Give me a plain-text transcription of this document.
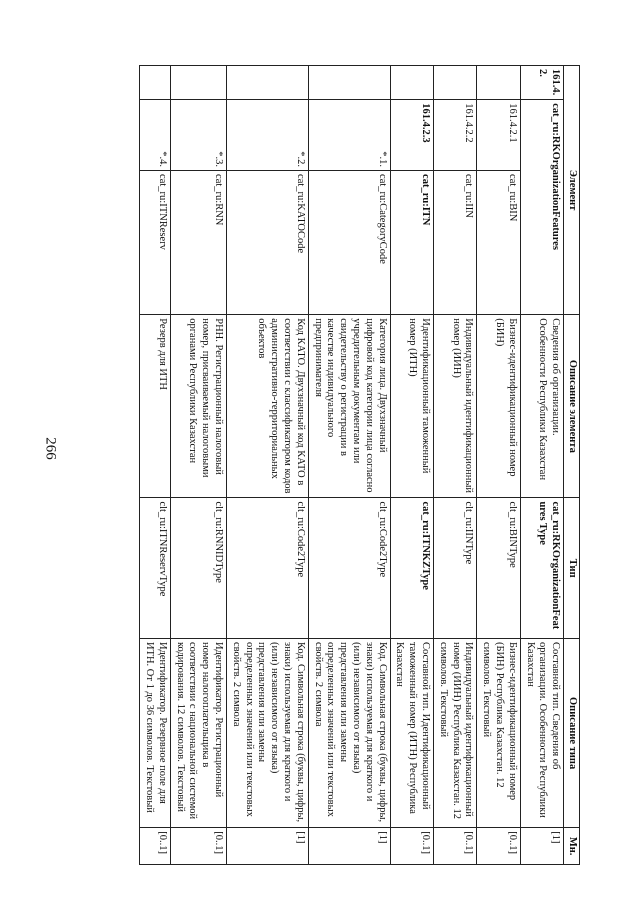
266
Элемент			Описание элемента	Тип	Описание типа	Мн.
161.4.2.	cat_ru:RKOrganizationFeatures		Сведения об организации. Особенности Республики Казахстан	cat_ru:RKOrganizationFeatures Type	Составной тип. Сведения об организации. Особенности Республики Казахстан	[1]
	161.4.2.1	cat_ru:BIN	Бизнес-идентификационный номер (БИН)	clt_ru:BINType	Бизнес-идентификационный номер (БИН) Республика Казахстан. 12 символов. Текстовый	[0..1]
	161.4.2.2	cat_ru:IIN	Индивидуальный идентификационный номер (ИИН)	clt_ru:IINType	Индивидуальный идентификационный номер (ИИН) Республика Казахстан. 12 символов. Текстовый	[0..1]
	161.4.2.3	cat_ru:ITN	Идентификационный таможенный номер (ИТН)	cat_ru:ITNKZType	Составной тип. Идентификационный таможенный номер (ИТН) Республика Казахстан	[0..1]
	*.1.	cat_ru:CategoryCode	Категория лица. Двухзначный цифровой код категории лица согласно учредительным документам или свидетельству о регистрации в качестве индивидуального предпринимателя	clt_ru:Code2Type	Код. Символьная строка (буквы, цифры, знаки) используемая для краткого и (или) независимого от языка) представления или замены определенных значений или текстовых свойств. 2 символа	[1]
	*.2.	cat_ru:KATOCode	Код КАТО. Двухзначный код КАТО в соответствии с классификатором кодов административно-территориальных объектов	clt_ru:Code2Type	Код. Символьная строка (буквы, цифры, знаки) используемая для краткого и (или) независимого от языка) представления или замены определенных значений или текстовых свойств. 2 символа	[1]
	*.3.	cat_ru:RNN	РНН. Регистрационный налоговый номер, присваиваемый налоговыми органами Республики Казахстан	clt_ru:RNNIDType	Идентификатор. Регистрационный номер налогоплательщика в соответствии с национальной системой кодирования. 12 символов. Текстовый	[0..1]
	*.4.	cat_ru:ITNReserv	Резерв для ИТН	clt_ru:ITNReservType	Идентификатор. Резервное поле для ИТН. От 1 до 36 символов. Текстовый	[0..1]
